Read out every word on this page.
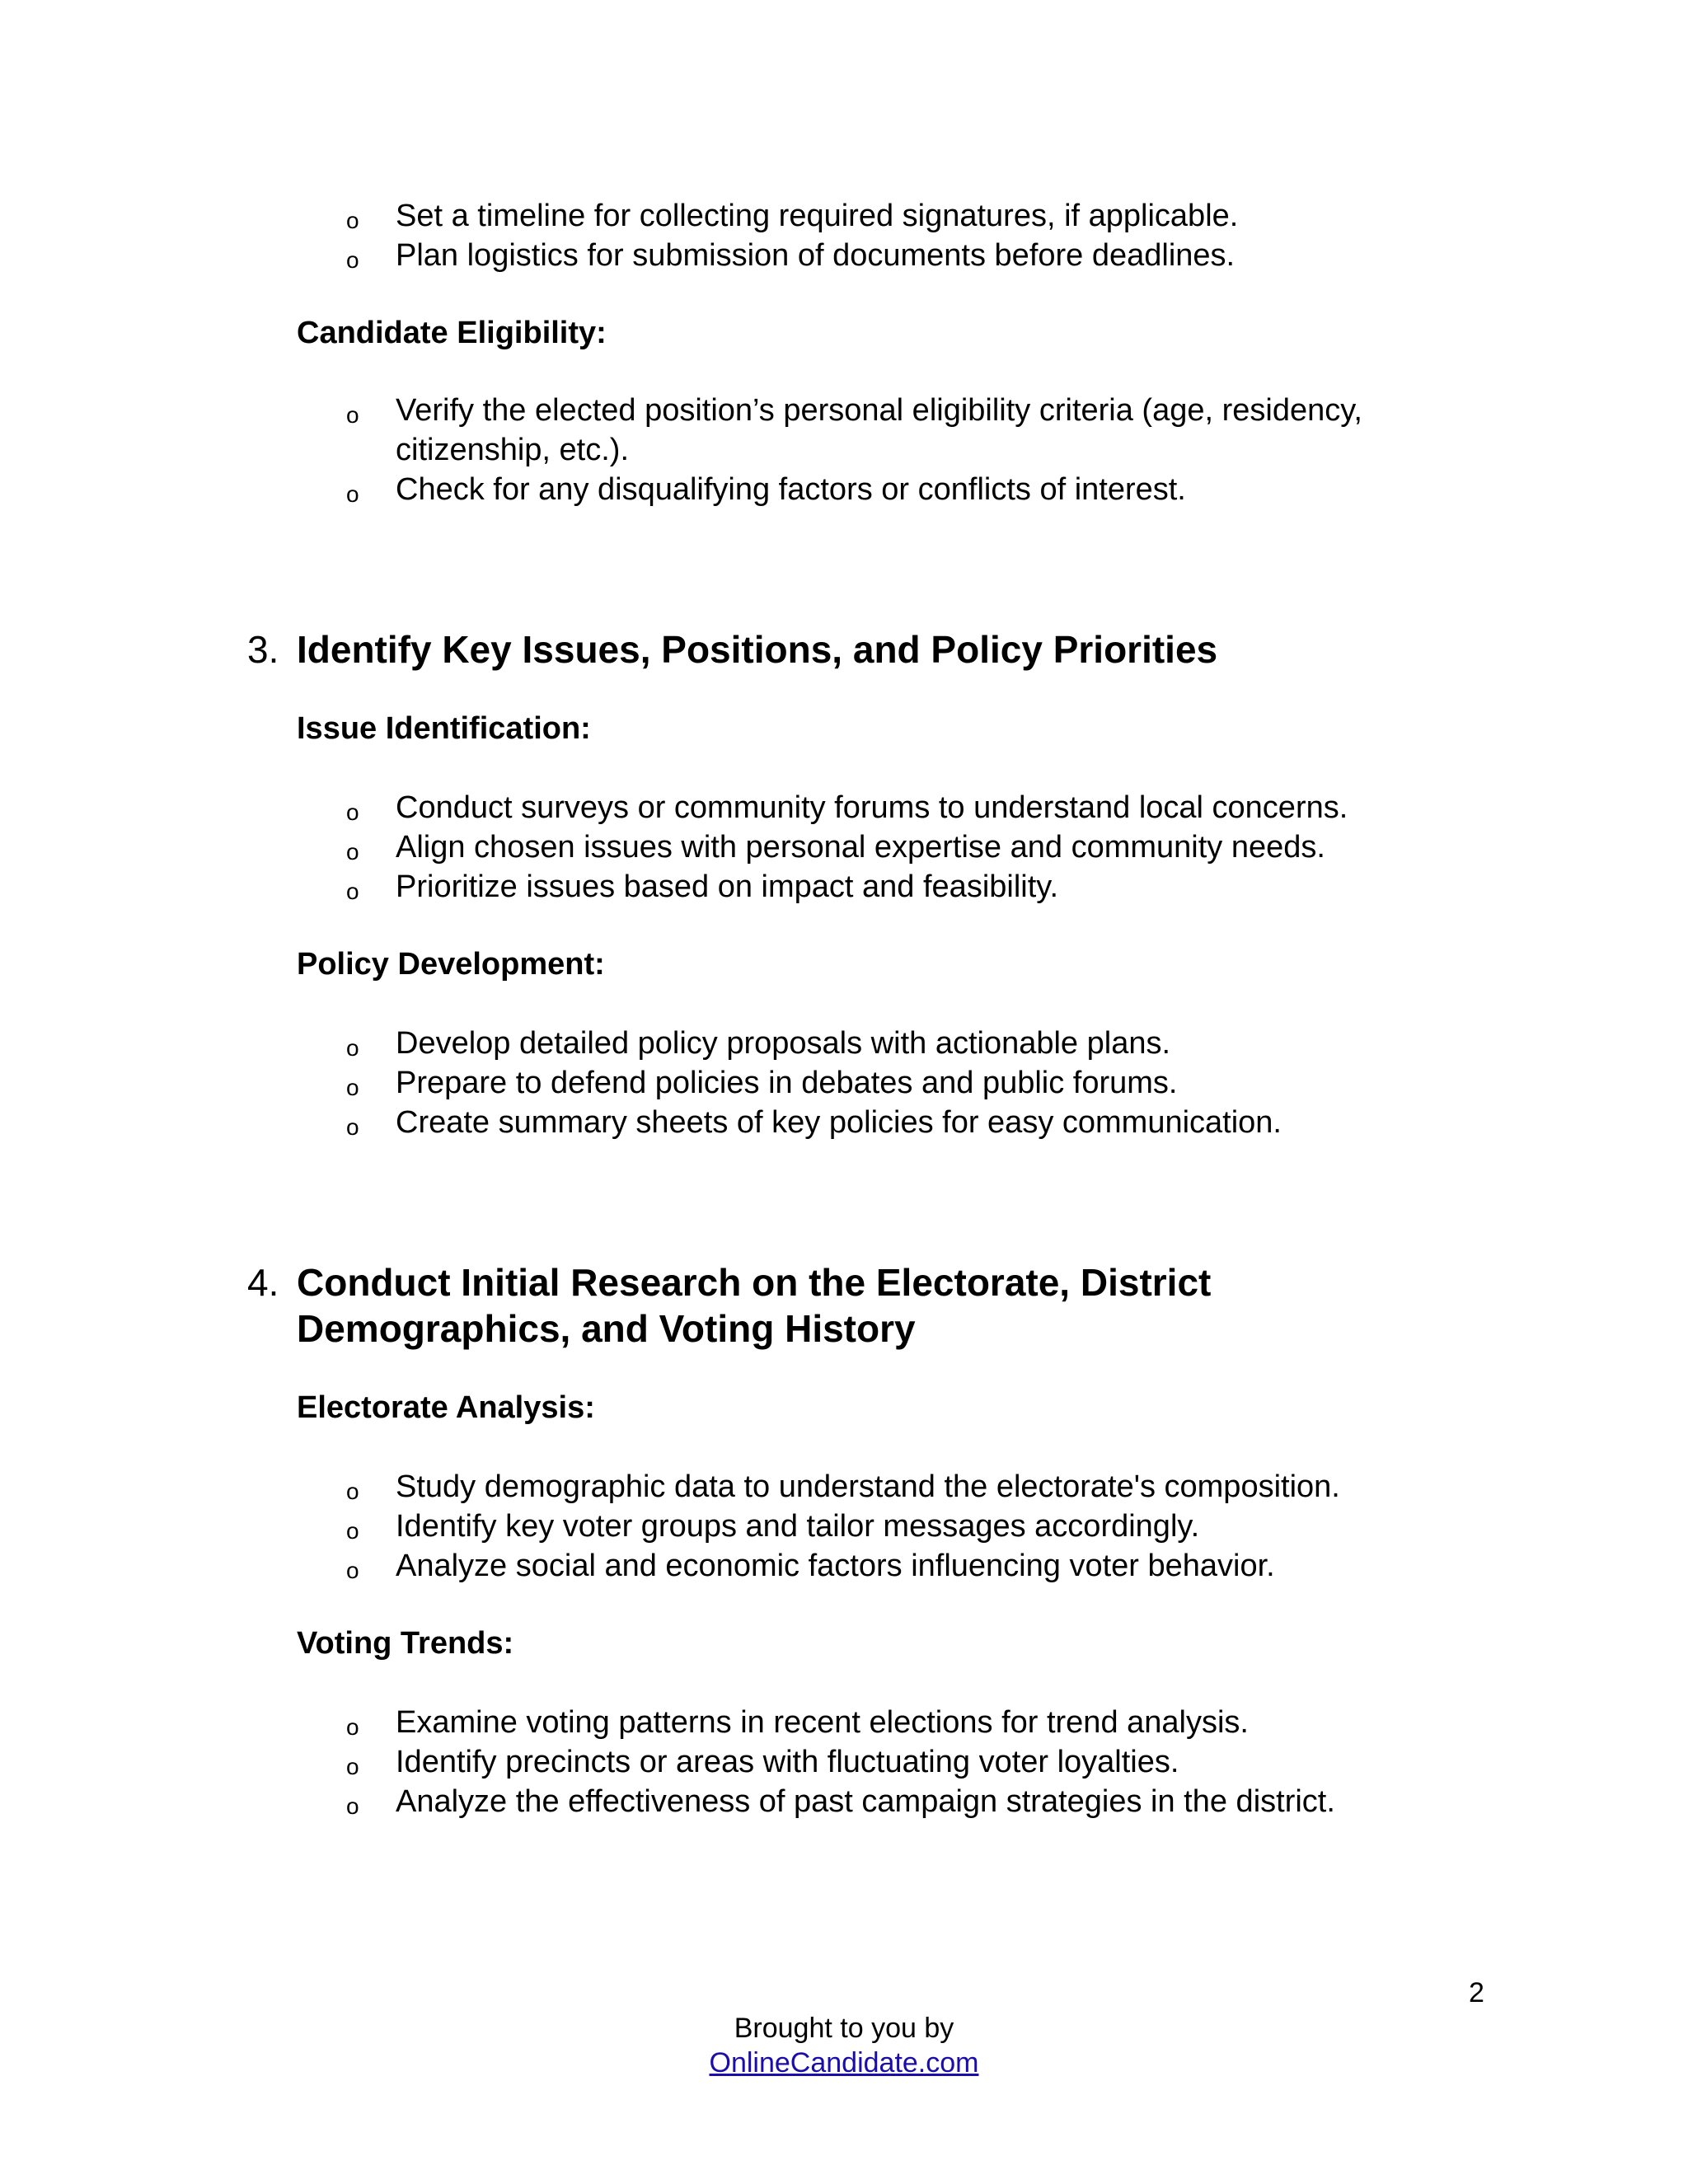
o Set a timeline for collecting required signatures, if applicable.
o Plan logistics for submission of documents before deadlines.
Candidate Eligibility:
o Verify the elected position’s personal eligibility criteria (age, residency, citizenship, etc.).
o Check for any disqualifying factors or conflicts of interest.
3. Identify Key Issues, Positions, and Policy Priorities
Issue Identification:
o Conduct surveys or community forums to understand local concerns.
o Align chosen issues with personal expertise and community needs.
o Prioritize issues based on impact and feasibility.
Policy Development:
o Develop detailed policy proposals with actionable plans.
o Prepare to defend policies in debates and public forums.
o Create summary sheets of key policies for easy communication.
4. Conduct Initial Research on the Electorate, District Demographics, and Voting History
Electorate Analysis:
o Study demographic data to understand the electorate's composition.
o Identify key voter groups and tailor messages accordingly.
o Analyze social and economic factors influencing voter behavior.
Voting Trends:
o Examine voting patterns in recent elections for trend analysis.
o Identify precincts or areas with fluctuating voter loyalties.
o Analyze the effectiveness of past campaign strategies in the district.
2
Brought to you by
OnlineCandidate.com
